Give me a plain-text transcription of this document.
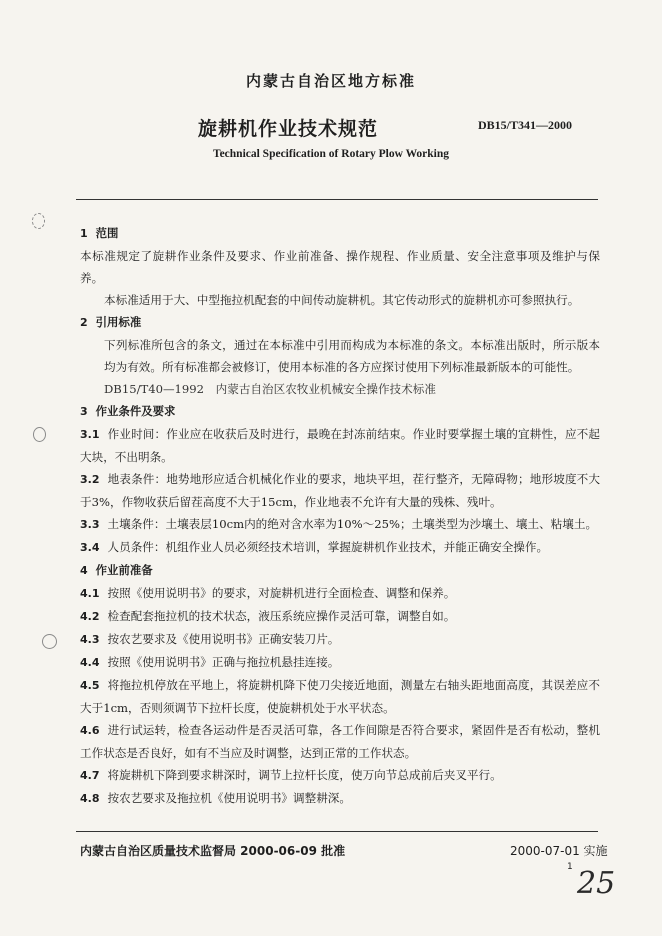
内蒙古自治区地方标准
旋耕机作业技术规范	DB15/T341—2000
Technical Specification of Rotary Plow Working

1 范围

本标准规定了旋耕作业条件及要求、作业前准备、操作规程、作业质量、安全注意事项及维护与保养。

本标准适用于大、中型拖拉机配套的中间传动旋耕机。其它传动形式的旋耕机亦可参照执行。

2 引用标准

下列标准所包含的条文，通过在本标准中引用而构成为本标准的条文。本标准出版时，所示版本均为有效。所有标准都会被修订，使用本标准的各方应探讨使用下列标准最新版本的可能性。

DB15/T40—1992　内蒙古自治区农牧业机械安全操作技术标准

3 作业条件及要求

3.1 作业时间：作业应在收获后及时进行，最晚在封冻前结束。作业时要掌握土壤的宜耕性，应不起大块，不出明条。

3.2 地表条件：地势地形应适合机械化作业的要求，地块平坦，茬行整齐，无障碍物；地形坡度不大于3%，作物收获后留茬高度不大于15cm，作业地表不允许有大量的残株、残叶。

3.3 土壤条件：土壤表层10cm内的绝对含水率为10%～25%；土壤类型为沙壤土、壤土、粘壤土。

3.4 人员条件：机组作业人员必须经技术培训，掌握旋耕机作业技术，并能正确安全操作。

4 作业前准备

4.1 按照《使用说明书》的要求，对旋耕机进行全面检查、调整和保养。

4.2 检查配套拖拉机的技术状态，液压系统应操作灵活可靠，调整自如。

4.3 按农艺要求及《使用说明书》正确安装刀片。

4.4 按照《使用说明书》正确与拖拉机悬挂连接。

4.5 将拖拉机停放在平地上，将旋耕机降下使刀尖接近地面，测量左右轴头距地面高度，其误差应不大于1cm，否则须调节下拉杆长度，使旋耕机处于水平状态。

4.6 进行试运转，检查各运动件是否灵活可靠，各工作间隙是否符合要求，紧固件是否有松动，整机工作状态是否良好，如有不当应及时调整，达到正常的工作状态。

4.7 将旋耕机下降到要求耕深时，调节上拉杆长度，使万向节总成前后夹叉平行。

4.8 按农艺要求及拖拉机《使用说明书》调整耕深。

内蒙古自治区质量技术监督局 2000-06-09 批准	2000-07-01 实施
1 25
